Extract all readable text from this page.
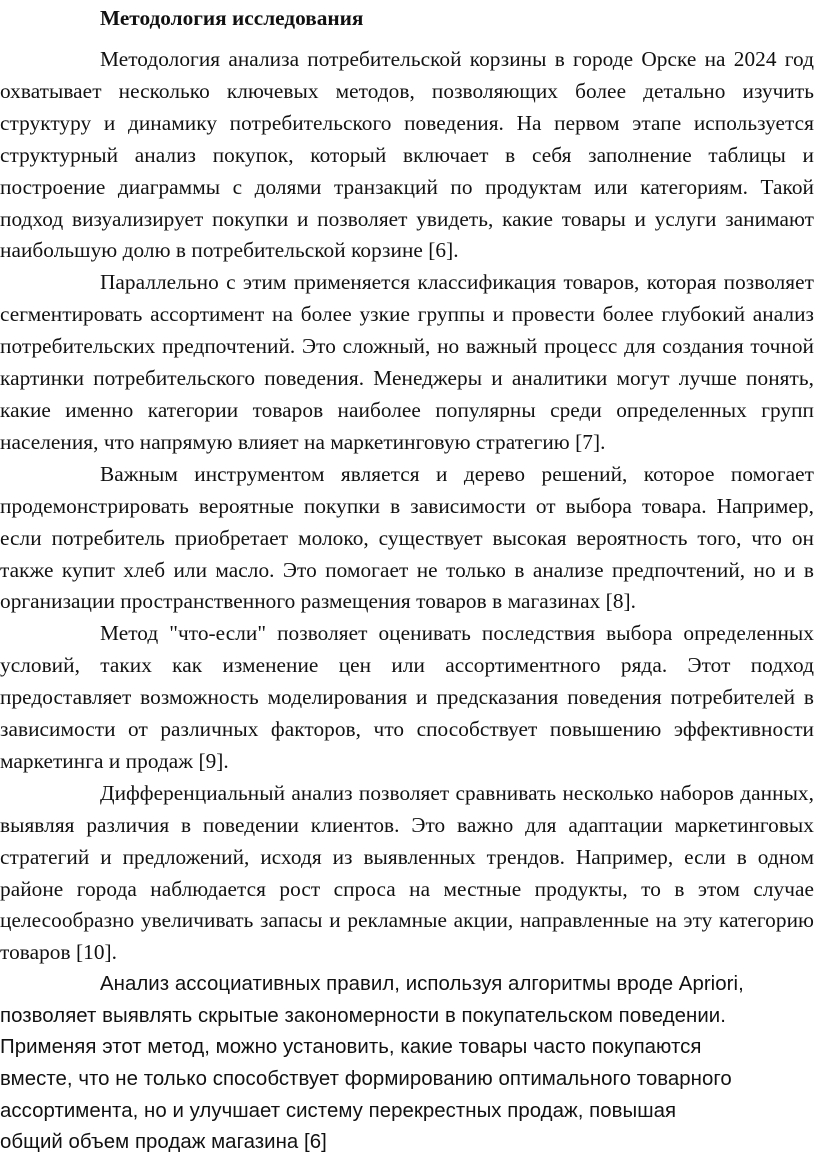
Методология исследования

Методология анализа потребительской корзины в городе Орске на 2024 год охватывает несколько ключевых методов, позволяющих более детально изучить структуру и динамику потребительского поведения. На первом этапе используется структурный анализ покупок, который включает в себя заполнение таблицы и построение диаграммы с долями транзакций по продуктам или категориям. Такой подход визуализирует покупки и позволяет увидеть, какие товары и услуги занимают наибольшую долю в потребительской корзине [6].

Параллельно с этим применяется классификация товаров, которая позволяет сегментировать ассортимент на более узкие группы и провести более глубокий анализ потребительских предпочтений. Это сложный, но важный процесс для создания точной картинки потребительского поведения. Менеджеры и аналитики могут лучше понять, какие именно категории товаров наиболее популярны среди определенных групп населения, что напрямую влияет на маркетинговую стратегию [7].

Важным инструментом является и дерево решений, которое помогает продемонстрировать вероятные покупки в зависимости от выбора товара. Например, если потребитель приобретает молоко, существует высокая вероятность того, что он также купит хлеб или масло. Это помогает не только в анализе предпочтений, но и в организации пространственного размещения товаров в магазинах [8].

Метод "что-если" позволяет оценивать последствия выбора определенных условий, таких как изменение цен или ассортиментного ряда. Этот подход предоставляет возможность моделирования и предсказания поведения потребителей в зависимости от различных факторов, что способствует повышению эффективности маркетинга и продаж [9].

Дифференциальный анализ позволяет сравнивать несколько наборов данных, выявляя различия в поведении клиентов. Это важно для адаптации маркетинговых стратегий и предложений, исходя из выявленных трендов. Например, если в одном районе города наблюдается рост спроса на местные продукты, то в этом случае целесообразно увеличивать запасы и рекламные акции, направленные на эту категорию товаров [10].

Анализ ассоциативных правил, используя алгоритмы вроде Apriori, позволяет выявлять скрытые закономерности в покупательском поведении. Применяя этот метод, можно установить, какие товары часто покупаются вместе, что не только способствует формированию оптимального товарного ассортимента, но и улучшает систему перекрестных продаж, повышая общий объем продаж магазина [6]
